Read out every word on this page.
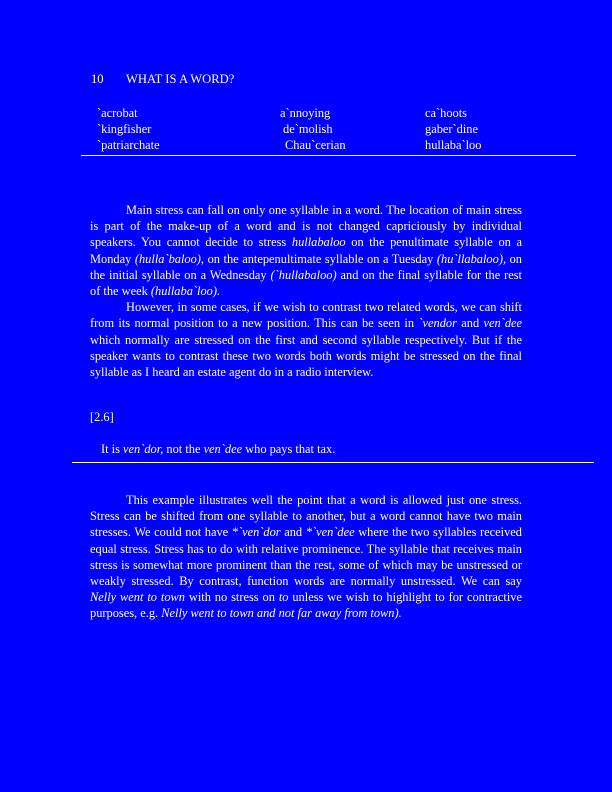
10 WHAT IS A WORD?
`acrobat
`kingfisher
`patriarchate
a`nnoying
de`molish
Chau`cerian
ca`hoots
gaber`dine
hullaba`loo

Main stress can fall on only one syllable in a word. The location of main stress is part of the make-up of a word and is not changed capriciously by individual speakers. You cannot decide to stress hullabaloo on the penultimate syllable on a Monday (hulla`baloo), on the antepenultimate syllable on a Tuesday (hu`llabaloo), on the initial syllable on a Wednesday (`hullabaloo) and on the final syllable for the rest of the week (hullaba`loo).

However, in some cases, if we wish to contrast two related words, we can shift from its normal position to a new position. This can be seen in `vendor and ven`dee which normally are stressed on the first and second syllable respectively. But if the speaker wants to contrast these two words both words might be stressed on the final syllable as I heard an estate agent do in a radio interview.

[2.6]
It is ven`dor, not the ven`dee who pays that tax.

This example illustrates well the point that a word is allowed just one stress. Stress can be shifted from one syllable to another, but a word cannot have two main stresses. We could not have *`ven`dor and *`ven`dee where the two syllables received equal stress. Stress has to do with relative prominence. The syllable that receives main stress is somewhat more prominent than the rest, some of which may be unstressed or weakly stressed. By contrast, function words are normally unstressed. We can say Nelly went to town with no stress on to unless we wish to highlight to for contractive purposes, e.g. Nelly went to town and not far away from town).
